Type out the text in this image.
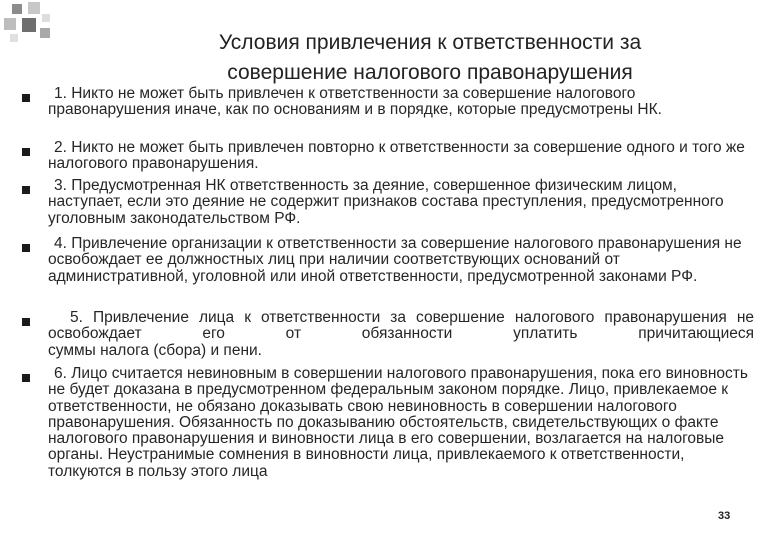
Условия привлечения к ответственности за
совершение налогового правонарушения
1. Никто не может быть привлечен к ответственности за совершение налогового правонарушения иначе, как по основаниям и в порядке, которые предусмотрены НК.
2. Никто не может быть привлечен повторно к ответственности за совершение одного и того же налогового правонарушения.
3. Предусмотренная НК ответственность за деяние, совершенное физическим лицом, наступает, если это деяние не содержит признаков состава преступления, предусмотренного уголовным законодательством РФ.
4. Привлечение организации к ответственности за совершение налогового правонарушения не освобождает ее должностных лиц при наличии соответствующих оснований от административной, уголовной или иной ответственности, предусмотренной законами РФ.
5. Привлечение лица к ответственности за совершение налогового правонарушения не освобождает его от обязанности уплатить причитающиеся
суммы налога (сбора) и пени.
6. Лицо считается невиновным в совершении налогового правонарушения, пока его виновность не будет доказана в предусмотренном федеральным законом порядке. Лицо, привлекаемое к ответственности, не обязано доказывать свою невиновность в совершении налогового правонарушения. Обязанность по доказыванию обстоятельств, свидетельствующих о факте налогового правонарушения и виновности лица в его совершении, возлагается на налоговые органы. Неустранимые сомнения в виновности лица, привлекаемого к ответственности, толкуются в пользу этого лица
33
